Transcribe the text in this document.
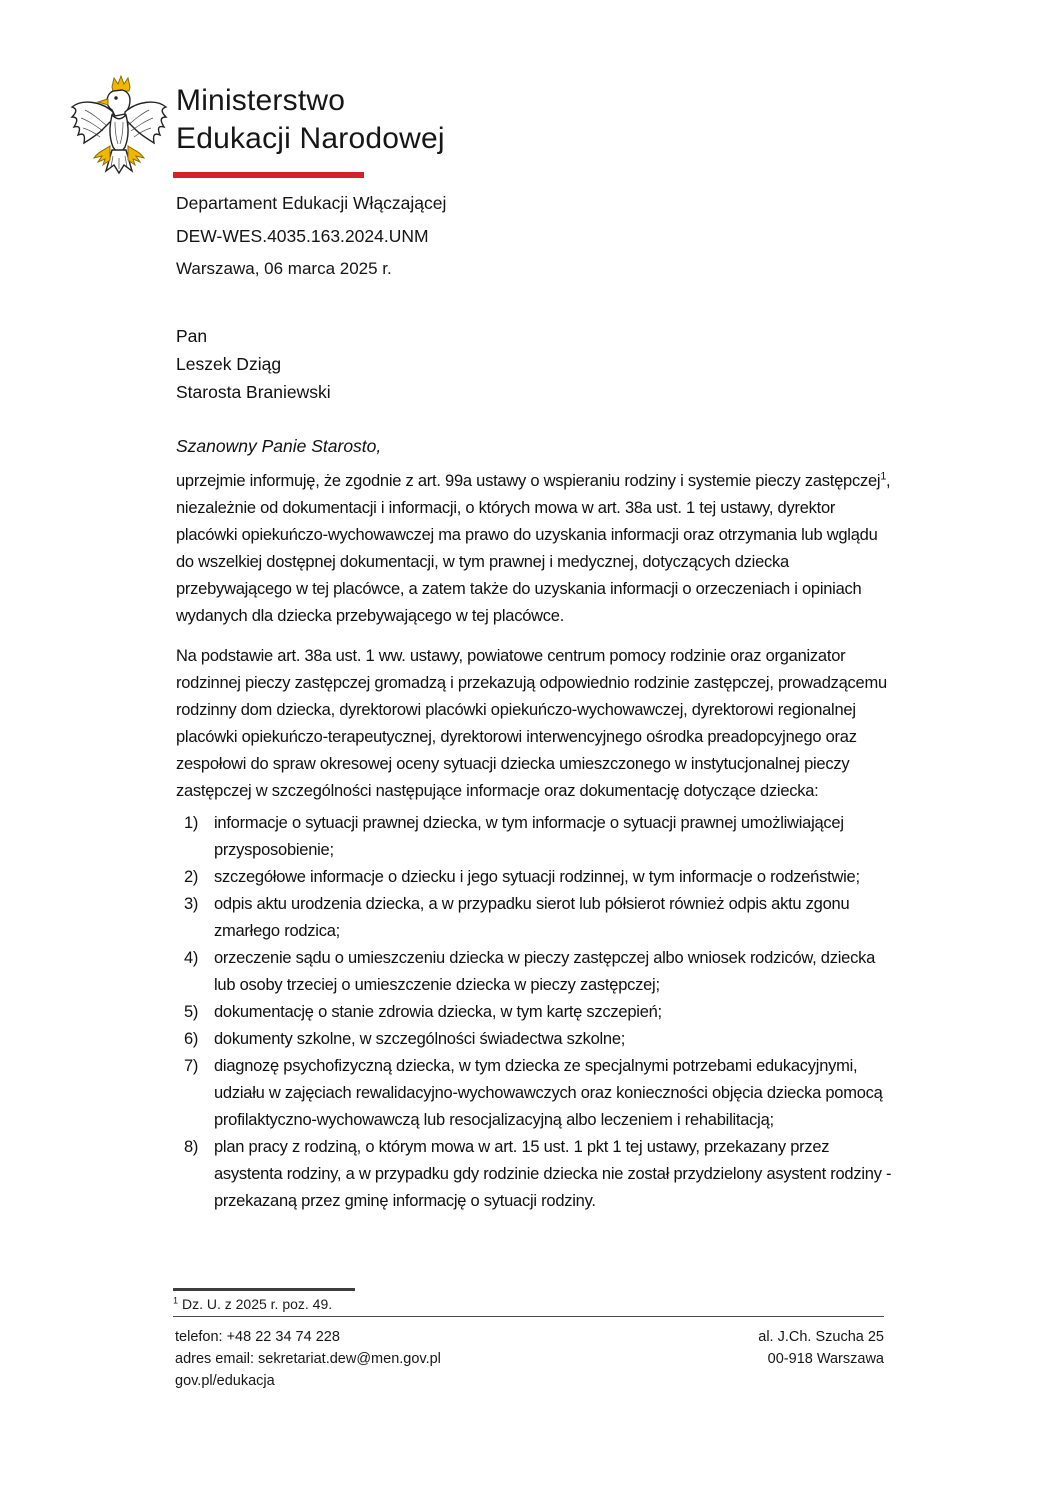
Ministerstwo
Edukacji Narodowej
Departament Edukacji Włączającej
DEW-WES.4035.163.2024.UNM
Warszawa, 06 marca 2025 r.
Pan
Leszek Dziąg
Starosta Braniewski
Szanowny Panie Starosto,

uprzejmie informuję, że zgodnie z art. 99a ustawy o wspieraniu rodziny i systemie pieczy zastępczej$^1$, niezależnie od dokumentacji i informacji, o których mowa w art. 38a ust. 1 tej ustawy, dyrektor placówki opiekuńczo-wychowawczej ma prawo do uzyskania informacji oraz otrzymania lub wglądu do wszelkiej dostępnej dokumentacji, w tym prawnej i medycznej, dotyczących dziecka przebywającego w tej placówce, a zatem także do uzyskania informacji o orzeczeniach i opiniach wydanych dla dziecka przebywającego w tej placówce.

Na podstawie art. 38a ust. 1 ww. ustawy, powiatowe centrum pomocy rodzinie oraz organizator rodzinnej pieczy zastępczej gromadzą i przekazują odpowiednio rodzinie zastępczej, prowadzącemu rodzinny dom dziecka, dyrektorowi placówki opiekuńczo-wychowawczej, dyrektorowi regionalnej placówki opiekuńczo-terapeutycznej, dyrektorowi interwencyjnego ośrodka preadopcyjnego oraz zespołowi do spraw okresowej oceny sytuacji dziecka umieszczonego w instytucjonalnej pieczy zastępczej w szczególności następujące informacje oraz dokumentację dotyczące dziecka:

1) informacje o sytuacji prawnej dziecka, w tym informacje o sytuacji prawnej umożliwiającej przysposobienie;
2) szczegółowe informacje o dziecku i jego sytuacji rodzinnej, w tym informacje o rodzeństwie;
3) odpis aktu urodzenia dziecka, a w przypadku sierot lub półsierot również odpis aktu zgonu zmarłego rodzica;
4) orzeczenie sądu o umieszczeniu dziecka w pieczy zastępczej albo wniosek rodziców, dziecka lub osoby trzeciej o umieszczenie dziecka w pieczy zastępczej;
5) dokumentację o stanie zdrowia dziecka, w tym kartę szczepień;
6) dokumenty szkolne, w szczególności świadectwa szkolne;
7) diagnozę psychofizyczną dziecka, w tym dziecka ze specjalnymi potrzebami edukacyjnymi, udziału w zajęciach rewalidacyjno-wychowawczych oraz konieczności objęcia dziecka pomocą profilaktyczno-wychowawczą lub resocjalizacyjną albo leczeniem i rehabilitacją;
8) plan pracy z rodziną, o którym mowa w art. 15 ust. 1 pkt 1 tej ustawy, przekazany przez asystenta rodziny, a w przypadku gdy rodzinie dziecka nie został przydzielony asystent rodziny - przekazaną przez gminę informację o sytuacji rodziny.
$^1$ Dz. U. z 2025 r. poz. 49.
telefon: +48 22 34 74 228
adres email: sekretariat.dew@men.gov.pl
gov.pl/edukacja
al. J.Ch. Szucha 25
00-918 Warszawa
